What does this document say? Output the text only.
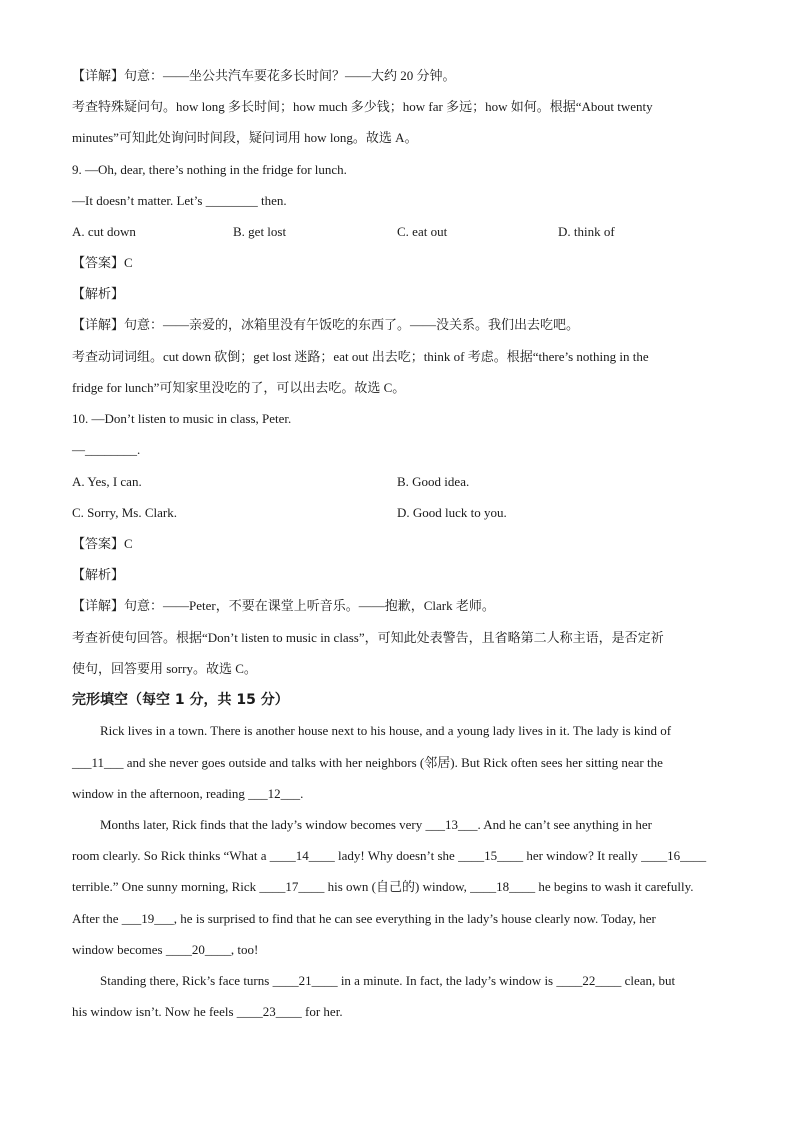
【详解】句意：——坐公共汽车要花多长时间？——大约 20 分钟。
考查特殊疑问句。how long 多长时间；how much 多少钱；how far 多远；how 如何。根据“About twenty
minutes”可知此处询问时间段，疑问词用 how long。故选 A。
9. —Oh, dear, there’s nothing in the fridge for lunch.
—It doesn’t matter. Let’s ________ then.
A. cut down	B. get lost	C. eat out	D. think of
【答案】C
【解析】
【详解】句意：——亲爱的，冰箱里没有午饭吃的东西了。——没关系。我们出去吃吧。
考查动词词组。cut down 砍倒；get lost 迷路；eat out 出去吃；think of 考虑。根据“there’s nothing in the
fridge for lunch”可知家里没吃的了，可以出去吃。故选 C。
10. —Don’t listen to music in class, Peter.
—________.
A. Yes, I can.	B. Good idea.
C. Sorry, Ms. Clark.	D. Good luck to you.
【答案】C
【解析】
【详解】句意：——Peter，不要在课堂上听音乐。——抱歉，Clark 老师。
考查祈使句回答。根据“Don’t listen to music in class”，可知此处表警告，且省略第二人称主语，是否定祈
使句，回答要用 sorry。故选 C。
完形填空（每空 1 分，共 15 分）
Rick lives in a town. There is another house next to his house, and a young lady lives in it. The lady is kind of
___11___ and she never goes outside and talks with her neighbors (邻居). But Rick often sees her sitting near the
window in the afternoon, reading ___12___.
Months later, Rick finds that the lady’s window becomes very ___13___. And he can’t see anything in her
room clearly. So Rick thinks “What a ____14____ lady! Why doesn’t she ____15____ her window? It really ____16____
terrible.” One sunny morning, Rick ____17____ his own (自己的) window, ____18____ he begins to wash it carefully.
After the ___19___, he is surprised to find that he can see everything in the lady’s house clearly now. Today, her
window becomes ____20____, too!
Standing there, Rick’s face turns ____21____ in a minute. In fact, the lady’s window is ____22____ clean, but
his window isn’t. Now he feels ____23____ for her.
